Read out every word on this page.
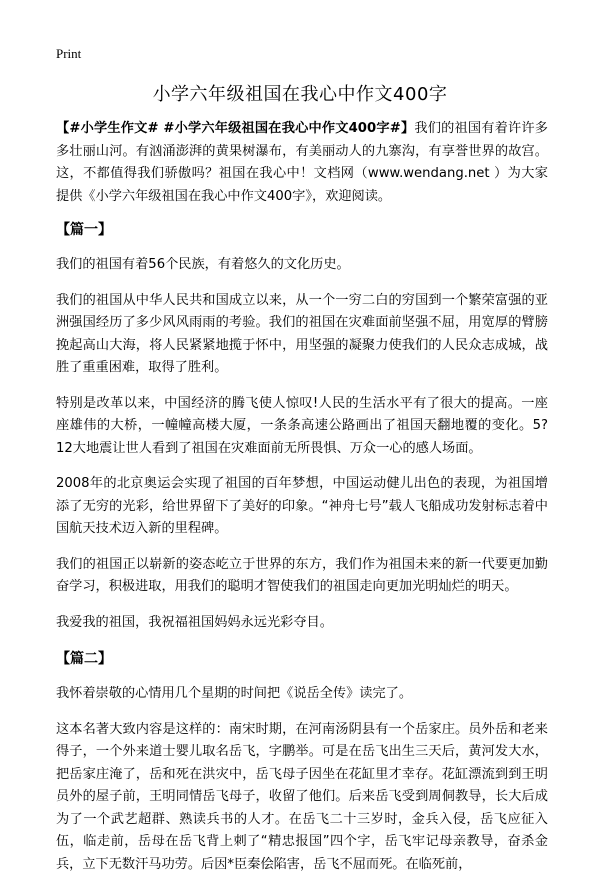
Print
小学六年级祖国在我心中作文400字

【#小学生作文# #小学六年级祖国在我心中作文400字#】我们的祖国有着许许多多壮丽山河。有汹涌澎湃的黄果树瀑布，有美丽动人的九寨沟，有享誉世界的故宫。这，不都值得我们骄傲吗？祖国在我心中！文档网（www.wendang.net ）为大家提供《小学六年级祖国在我心中作文400字》，欢迎阅读。

【篇一】

我们的祖国有着56个民族，有着悠久的文化历史。

我们的祖国从中华人民共和国成立以来，从一个一穷二白的穷国到一个繁荣富强的亚洲强国经历了多少风风雨雨的考验。我们的祖国在灾难面前坚强不屈，用宽厚的臂膀挽起高山大海，将人民紧紧地揽于怀中，用坚强的凝聚力使我们的人民众志成城，战胜了重重困难，取得了胜利。

特别是改革以来，中国经济的腾飞使人惊叹!人民的生活水平有了很大的提高。一座座雄伟的大桥，一幢幢高楼大厦，一条条高速公路画出了祖国天翻地覆的变化。5?12大地震让世人看到了祖国在灾难面前无所畏惧、万众一心的感人场面。

2008年的北京奥运会实现了祖国的百年梦想，中国运动健儿出色的表现，为祖国增添了无穷的光彩，给世界留下了美好的印象。“神舟七号”载人飞船成功发射标志着中国航天技术迈入新的里程碑。

我们的祖国正以崭新的姿态屹立于世界的东方，我们作为祖国未来的新一代要更加勤奋学习，积极进取，用我们的聪明才智使我们的祖国走向更加光明灿烂的明天。

我爱我的祖国，我祝福祖国妈妈永远光彩夺目。

【篇二】

我怀着崇敬的心情用几个星期的时间把《说岳全传》读完了。

这本名著大致内容是这样的：南宋时期，在河南汤阴县有一个岳家庄。员外岳和老来得子，一个外来道士婴儿取名岳飞，字鹏举。可是在岳飞出生三天后，黄河发大水，把岳家庄淹了，岳和死在洪灾中，岳飞母子因坐在花缸里才幸存。花缸漂流到到王明员外的屋子前，王明同情岳飞母子，收留了他们。后来岳飞受到周侗教导，长大后成为了一个武艺超群、熟读兵书的人才。在岳飞二十三岁时，金兵入侵，岳飞应征入伍，临走前，岳母在岳飞背上刺了“精忠报国”四个字，岳飞牢记母亲教导，奋杀金兵，立下无数汗马功劳。后因*臣秦侩陷害，岳飞不屈而死。在临死前，
